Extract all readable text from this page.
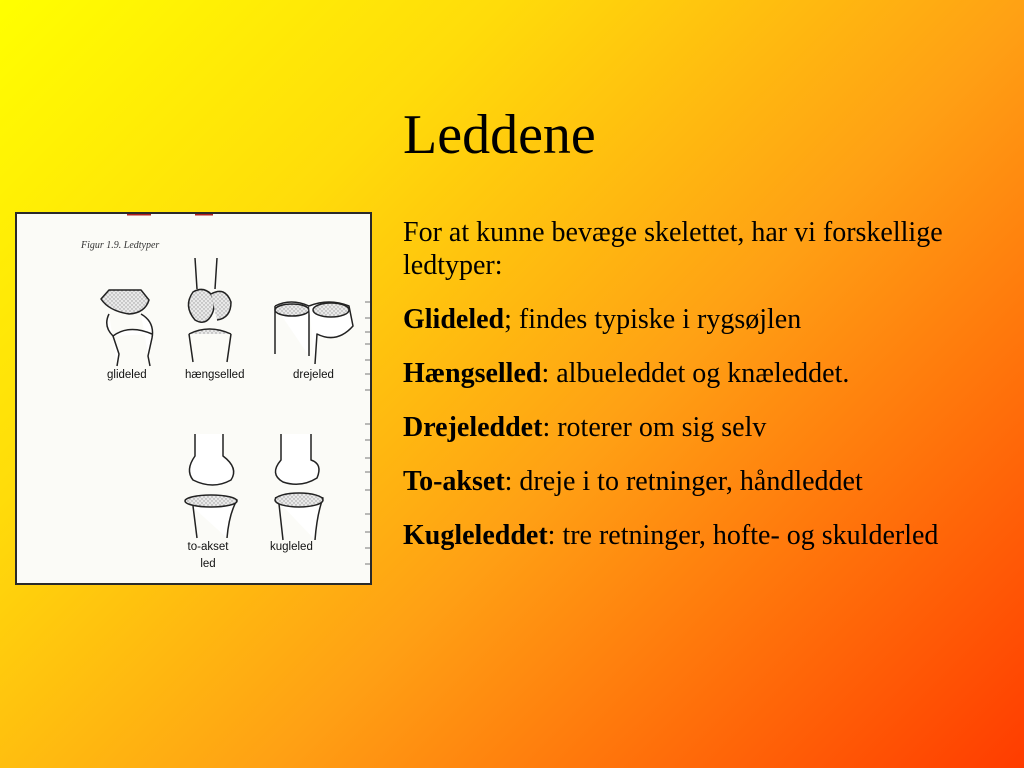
Leddene
Figur 1.9. Ledtyper
glideled	hængselled	drejeled
to-akset led
kugleled

For at kunne bevæge skelettet, har vi forskellige ledtyper:

Glideled; findes typiske i rygsøjlen

Hængselled: albueleddet og knæleddet.

Drejeleddet: roterer om sig selv

To-akset: dreje i to retninger, håndleddet

Kugleleddet: tre retninger, hofte- og skulderled
